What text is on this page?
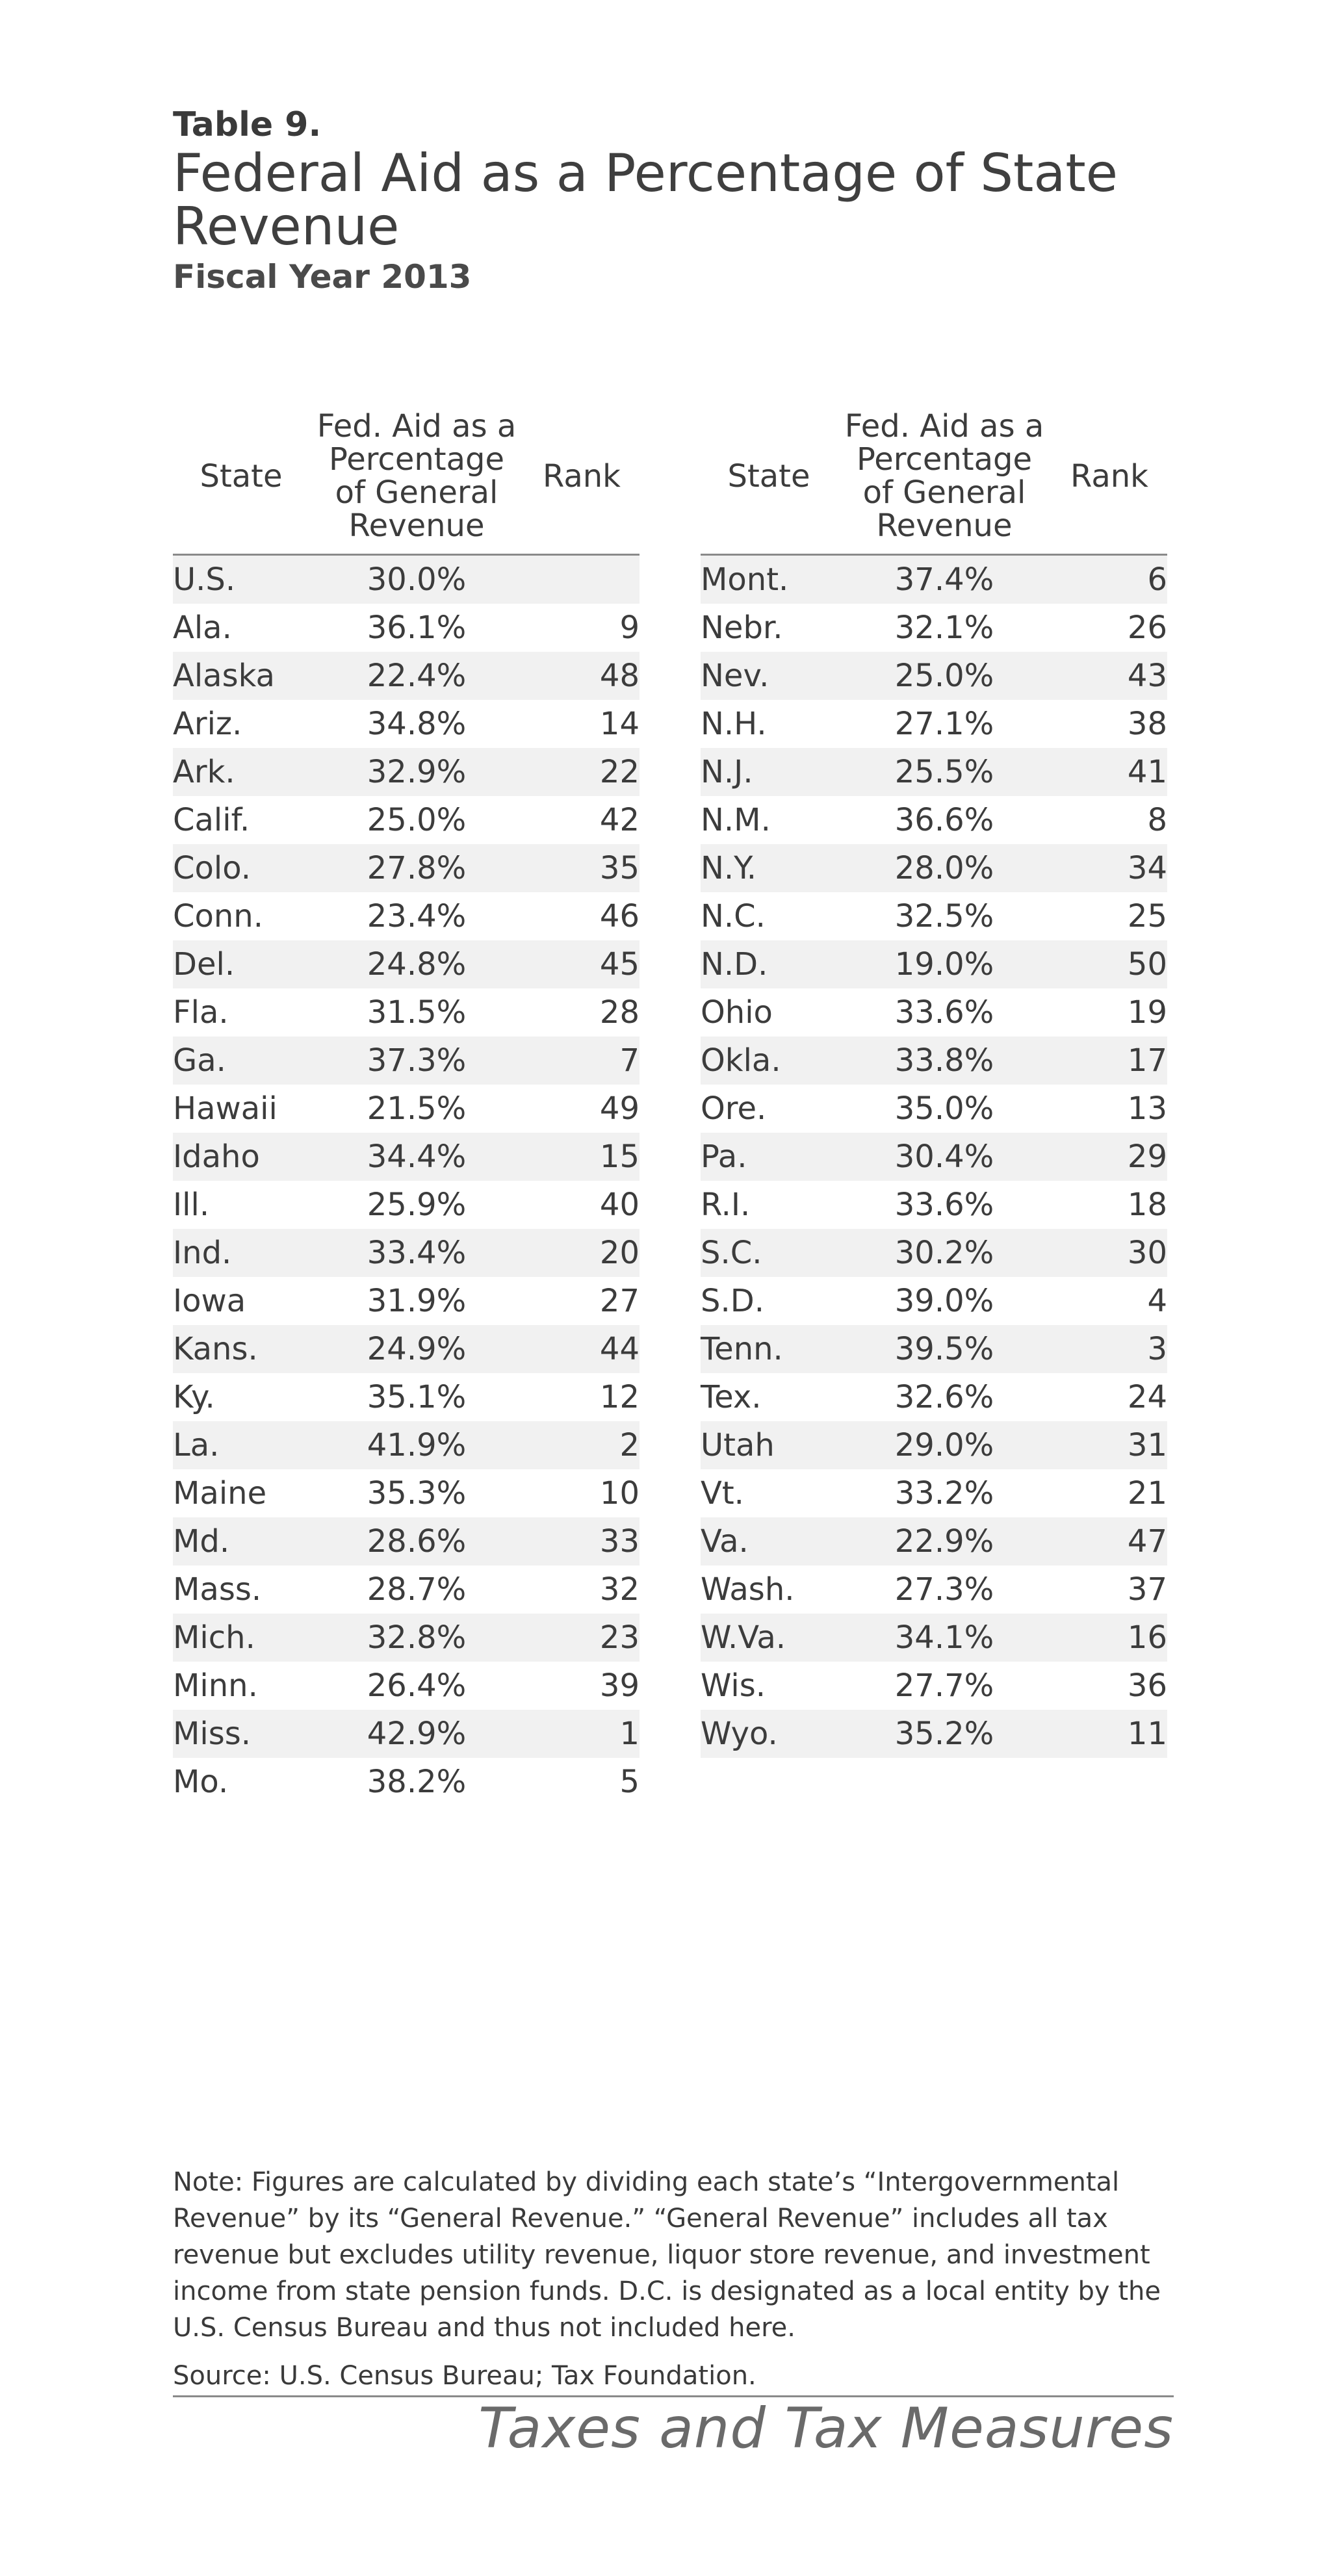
Table 9.
Federal Aid as a Percentage of State Revenue
Fiscal Year 2013
State	Fed. Aid as a
Percentage
of General
Revenue	Rank
U.S.	30.0%	
Ala.	36.1%	9
Alaska	22.4%	48
Ariz.	34.8%	14
Ark.	32.9%	22
Calif.	25.0%	42
Colo.	27.8%	35
Conn.	23.4%	46
Del.	24.8%	45
Fla.	31.5%	28
Ga.	37.3%	7
Hawaii	21.5%	49
Idaho	34.4%	15
Ill.	25.9%	40
Ind.	33.4%	20
Iowa	31.9%	27
Kans.	24.9%	44
Ky.	35.1%	12
La.	41.9%	2
Maine	35.3%	10
Md.	28.6%	33
Mass.	28.7%	32
Mich.	32.8%	23
Minn.	26.4%	39
Miss.	42.9%	1
Mo.	38.2%	5
State	Fed. Aid as a
Percentage
of General
Revenue	Rank
Mont.	37.4%	6
Nebr.	32.1%	26
Nev.	25.0%	43
N.H.	27.1%	38
N.J.	25.5%	41
N.M.	36.6%	8
N.Y.	28.0%	34
N.C.	32.5%	25
N.D.	19.0%	50
Ohio	33.6%	19
Okla.	33.8%	17
Ore.	35.0%	13
Pa.	30.4%	29
R.I.	33.6%	18
S.C.	30.2%	30
S.D.	39.0%	4
Tenn.	39.5%	3
Tex.	32.6%	24
Utah	29.0%	31
Vt.	33.2%	21
Va.	22.9%	47
Wash.	27.3%	37
W.Va.	34.1%	16
Wis.	27.7%	36
Wyo.	35.2%	11
Note: Figures are calculated by dividing each state’s “Intergovernmental Revenue” by its “General Revenue.” “General Revenue” includes all tax revenue but excludes utility revenue, liquor store revenue, and investment income from state pension funds. D.C. is designated as a local entity by the U.S. Census Bureau and thus not included here.
Source: U.S. Census Bureau; Tax Foundation.
Taxes and Tax Measures
